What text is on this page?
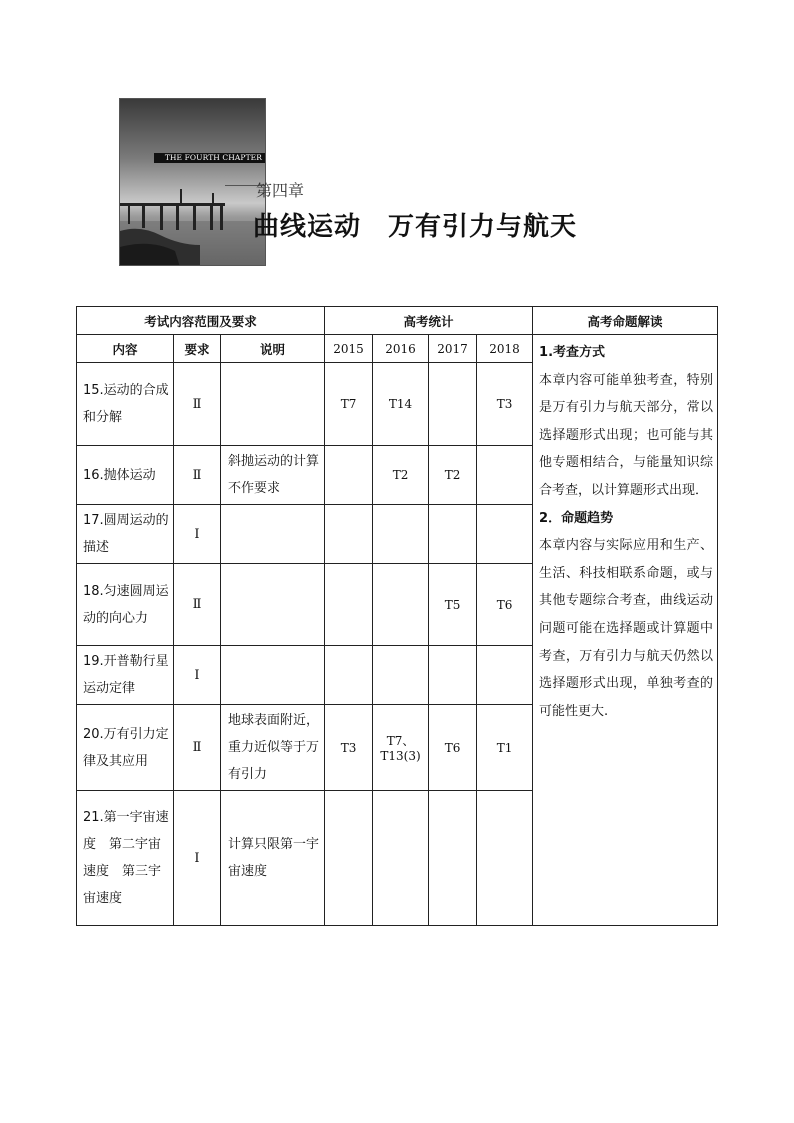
THE FOURTH CHAPTER
第四章
曲线运动　万有引力与航天
考试内容范围及要求			高考统计				高考命题解读
内容	要求	说明	2015	2016	2017	2018	1.考查方式
本章内容可能单独考查，特别是万有引力与航天部分，常以选择题形式出现；也可能与其他专题相结合，与能量知识综合考查，以计算题形式出现．
2．命题趋势
本章内容与实际应用和生产、生活、科技相联系命题，或与其他专题综合考查，曲线运动问题可能在选择题或计算题中考查，万有引力与航天仍然以选择题形式出现，单独考查的可能性更大.

15.运动的合成和分解	Ⅱ		T7	T14		T3	
16.抛体运动	Ⅱ	斜抛运动的计算不作要求		T2	T2		
17.圆周运动的描述	Ⅰ						
18.匀速圆周运动的向心力	Ⅱ				T5	T6	
19.开普勒行星运动定律	Ⅰ						
20.万有引力定律及其应用	Ⅱ	地球表面附近，重力近似等于万有引力	T3	T7、T13(3)	T6	T1	
21.第一宇宙速度　第二宇宙速度　第三宇宙速度	Ⅰ	计算只限第一宇宙速度					
